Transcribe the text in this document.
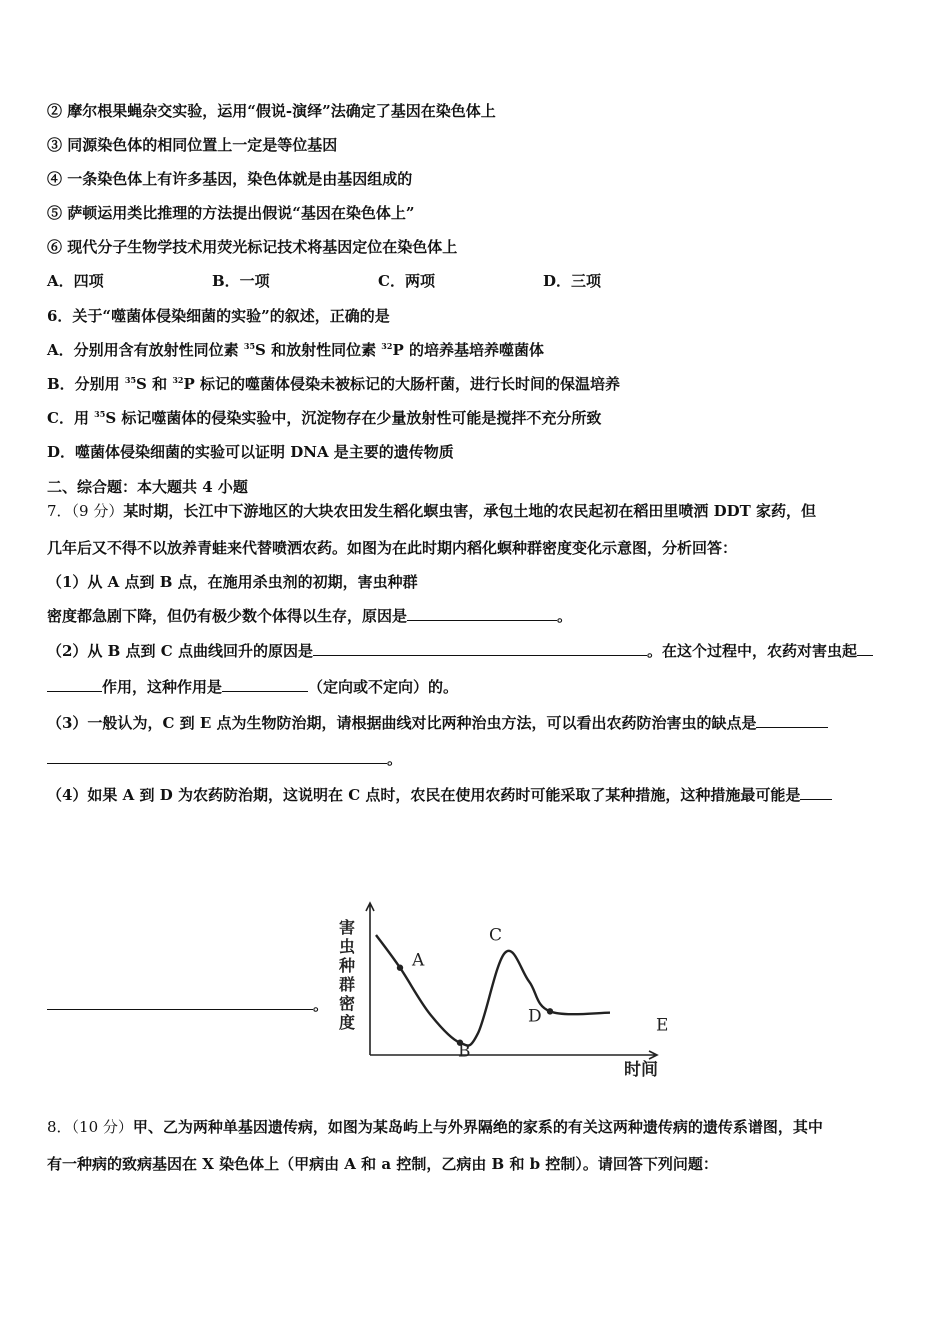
② 摩尔根果蝇杂交实验，运用“假说-演绎”法确定了基因在染色体上
③ 同源染色体的相同位置上一定是等位基因
④ 一条染色体上有许多基因，染色体就是由基因组成的
⑤ 萨顿运用类比推理的方法提出假说“基因在染色体上”
⑥ 现代分子生物学技术用荧光标记技术将基因定位在染色体上
A．四项	B．一项	C．两项	D．三项
6．关于“噬菌体侵染细菌的实验”的叙述，正确的是
A．分别用含有放射性同位素 $^{35}$S 和放射性同位素 $^{32}$P 的培养基培养噬菌体
B．分别用 $^{35}$S 和 $^{32}$P 标记的噬菌体侵染未被标记的大肠杆菌，进行长时间的保温培养
C．用 $^{35}$S 标记噬菌体的侵染实验中，沉淀物存在少量放射性可能是搅拌不充分所致
D．噬菌体侵染细菌的实验可以证明 DNA 是主要的遗传物质
二、综合题：本大题共 4 小题
7．（9 分）某时期，长江中下游地区的大块农田发生稻化螟虫害，承包土地的农民起初在稻田里喷洒 DDT 家药，但
几年后又不得不以放养青蛙来代替喷洒农药。如图为在此时期内稻化螟种群密度变化示意图，分析回答：
（1）从 A 点到 B 点，在施用杀虫剂的初期，害虫种群
密度都急剧下降，但仍有极少数个体得以生存，原因是	。
（2）从 B 点到 C 点曲线回升的原因是	。在这个过程中，农药对害虫起
作用，这种作用是	（定向或不定向）的。
（3）一般认为，C 到 E 点为生物防治期，请根据曲线对比两种治虫方法，可以看出农药防治害虫的缺点是
。
（4）如果 A 到 D 为农药防治期，这说明在 C 点时，农民在使用农药时可能采取了某种措施，这种措施最可能是
。
A
B
C
D	E
害虫种群密度
时间
8．（10 分）甲、乙为两种单基因遗传病，如图为某岛屿上与外界隔绝的家系的有关这两种遗传病的遗传系谱图，其中
有一种病的致病基因在 X 染色体上（甲病由 A 和 a 控制，乙病由 B 和 b 控制）。请回答下列问题：
